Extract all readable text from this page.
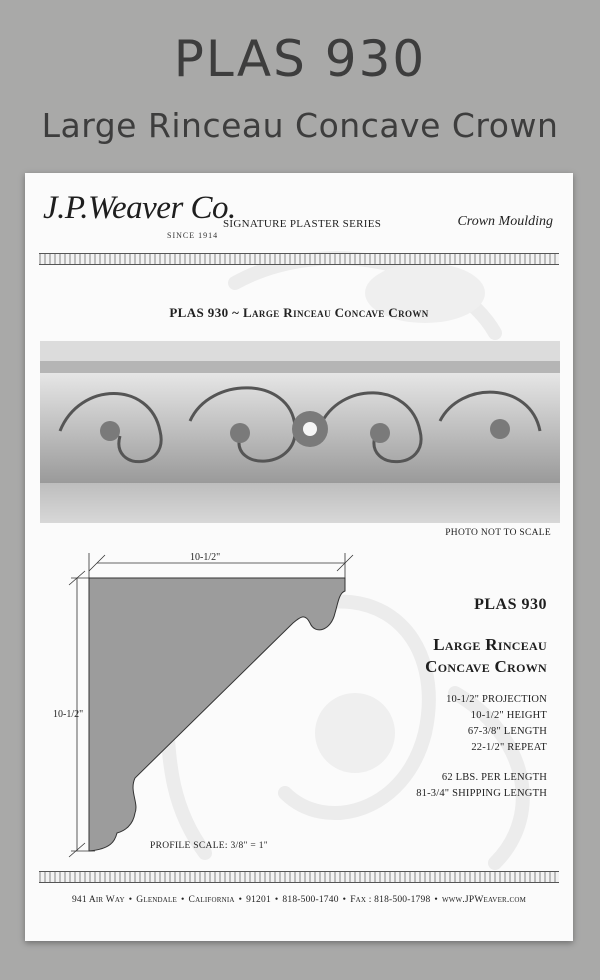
PLAS 930
Large Rinceau Concave Crown
J.P.Weaver Co.
SINCE 1914
SIGNATURE PLASTER SERIES	Crown Moulding
PLAS 930 ~ Large Rinceau Concave Crown
PHOTO NOT TO SCALE
10-1/2"
10-1/2"
PROFILE SCALE: 3/8" = 1"
PLAS 930
Large Rinceau
Concave Crown
10-1/2" PROJECTION
10-1/2" HEIGHT
67-3/8" LENGTH
22-1/2" REPEAT
62 LBS. PER LENGTH
81-3/4" SHIPPING LENGTH
941 Air Way • Glendale • California • 91201 • 818-500-1740 • Fax : 818-500-1798 • www.JPWeaver.com
